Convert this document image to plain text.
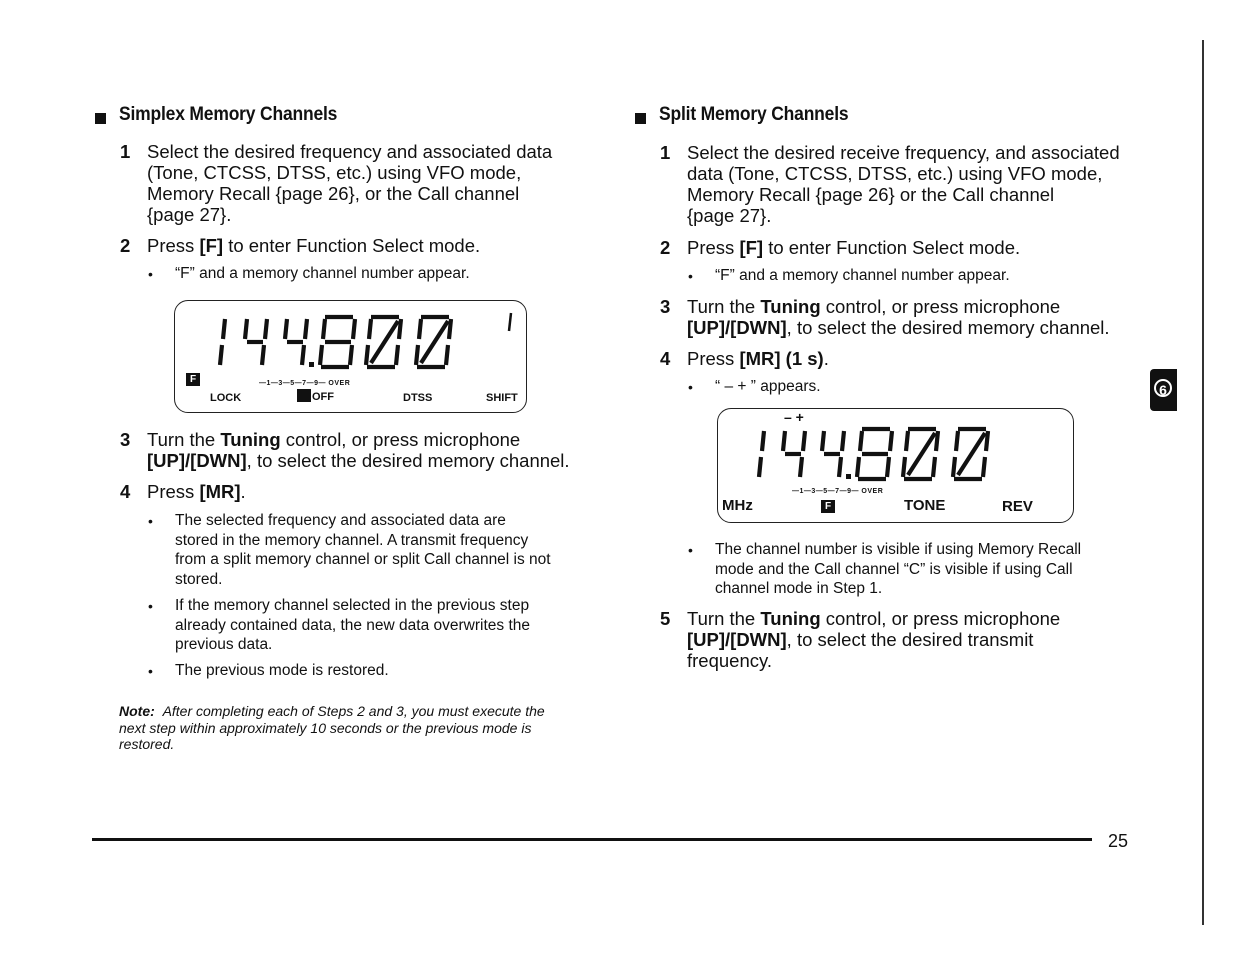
Simplex Memory Channels
1 Select the desired frequency and associated data
(Tone, CTCSS, DTSS, etc.) using VFO mode,
Memory Recall {page 26}, or the Call channel
{page 27}.
2 Press [F] to enter Function Select mode.
• “F” and a memory channel number appear.
F	—1—3—5—7—9— OVER
LOCK	OFF	DTSS	SHIFT
3 Turn the Tuning control, or press microphone
[UP]/[DWN], to select the desired memory channel.
4 Press [MR].
• The selected frequency and associated data are
stored in the memory channel. A transmit frequency
from a split memory channel or split Call channel is not
stored.
• If the memory channel selected in the previous step
already contained data, the new data overwrites the
previous data.
• The previous mode is restored.
Note: After completing each of Steps 2 and 3, you must execute the
next step within approximately 10 seconds or the previous mode is
restored.
Split Memory Channels
1 Select the desired receive frequency, and associated
data (Tone, CTCSS, DTSS, etc.) using VFO mode,
Memory Recall {page 26} or the Call channel
{page 27}.
2 Press [F] to enter Function Select mode.
• “F” and a memory channel number appear.
3 Turn the Tuning control, or press microphone
[UP]/[DWN], to select the desired memory channel.
4 Press [MR] (1 s).
• “ – + ” appears.
– +
—1—3—5—7—9— OVER
MHz	F	TONE	REV
• The channel number is visible if using Memory Recall
mode and the Call channel “C” is visible if using Call
channel mode in Step 1.
5 Turn the Tuning control, or press microphone
[UP]/[DWN], to select the desired transmit
frequency.
6
25
